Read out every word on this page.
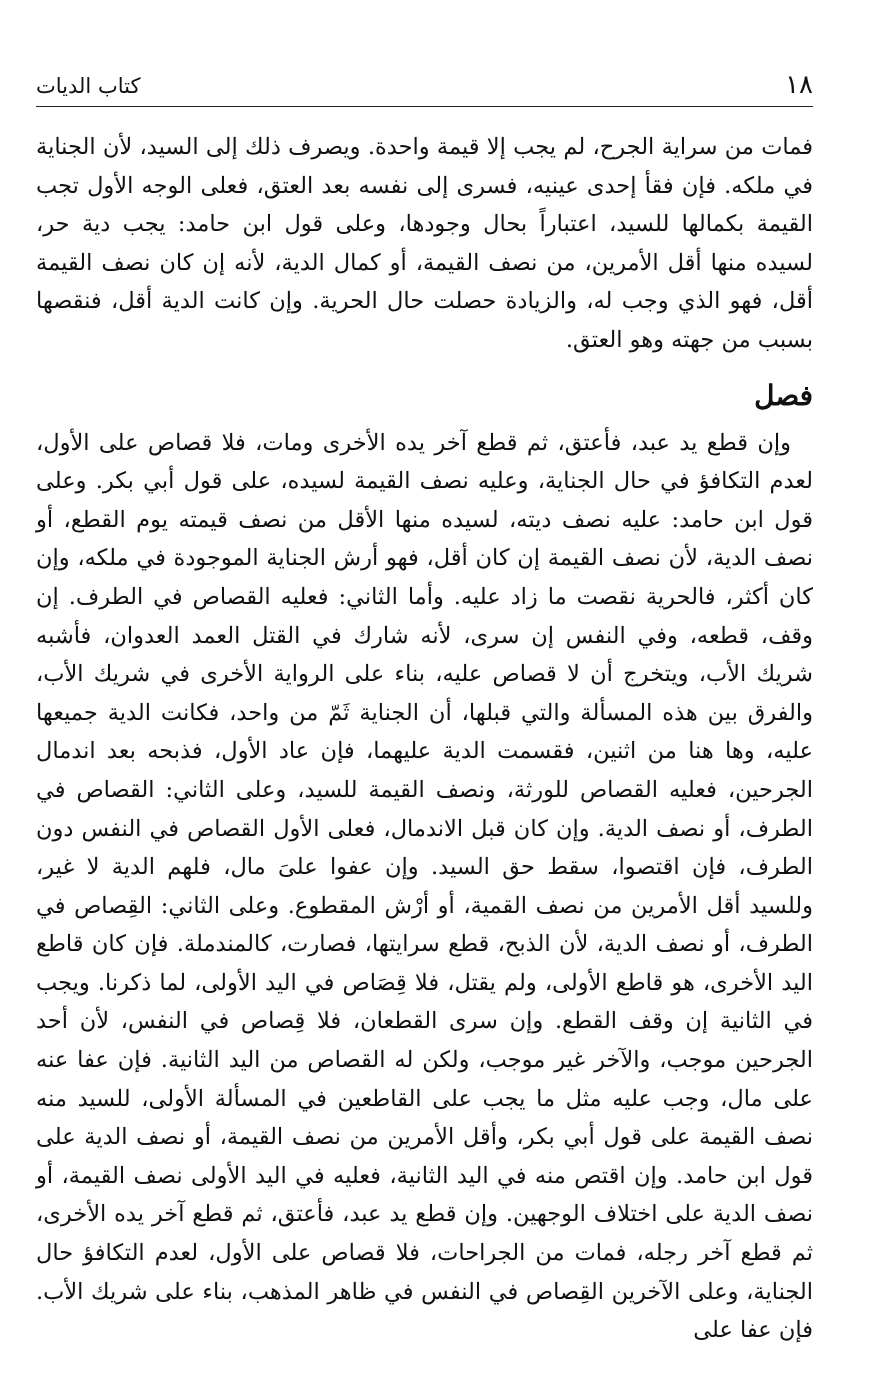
١٨
كتاب الديات

فمات من سراية الجرح، لم يجب إلا قيمة واحدة. ويصرف ذلك إلى السيد، لأن الجناية في ملكه. فإن فقأ إحدى عينيه، فسرى إلى نفسه بعد العتق، فعلى الوجه الأول تجب القيمة بكمالها للسيد، اعتباراً بحال وجودها، وعلى قول ابن حامد: يجب دية حر، لسيده منها أقل الأمرين، من نصف القيمة، أو كمال الدية، لأنه إن كان نصف القيمة أقل، فهو الذي وجب له، والزيادة حصلت حال الحرية. وإن كانت الدية أقل، فنقصها بسبب من جهته وهو العتق.

فصل

وإن قطع يد عبد، فأعتق، ثم قطع آخر يده الأخرى ومات، فلا قصاص على الأول، لعدم التكافؤ في حال الجناية، وعليه نصف القيمة لسيده، على قول أبي بكر. وعلى قول ابن حامد: عليه نصف ديته، لسيده منها الأقل من نصف قيمته يوم القطع، أو نصف الدية، لأن نصف القيمة إن كان أقل، فهو أرش الجناية الموجودة في ملكه، وإن كان أكثر، فالحرية نقصت ما زاد عليه. وأما الثاني: فعليه القصاص في الطرف. إن وقف، قطعه، وفي النفس إن سرى، لأنه شارك في القتل العمد العدوان، فأشبه شريك الأب، ويتخرج أن لا قصاص عليه، بناء على الرواية الأخرى في شريك الأب، والفرق بين هذه المسألة والتي قبلها، أن الجناية ثَمّ من واحد، فكانت الدية جميعها عليه، وها هنا من اثنين، فقسمت الدية عليهما، فإن عاد الأول، فذبحه بعد اندمال الجرحين، فعليه القصاص للورثة، ونصف القيمة للسيد، وعلى الثاني: القصاص في الطرف، أو نصف الدية. وإن كان قبل الاندمال، فعلى الأول القصاص في النفس دون الطرف، فإن اقتصوا، سقط حق السيد. وإن عفوا علىَ مال، فلهم الدية لا غير، وللسيد أقل الأمرين من نصف القمية، أو أرْش المقطوع. وعلى الثاني: القِصاص في الطرف، أو نصف الدية، لأن الذبح، قطع سرايتها، فصارت، كالمندملة. فإن كان قاطع اليد الأخرى، هو قاطع الأولى، ولم يقتل، فلا قِصَاص في اليد الأولى، لما ذكرنا. ويجب في الثانية إن وقف القطع. وإن سرى القطعان، فلا قِصاص في النفس، لأن أحد الجرحين موجب، والآخر غير موجب، ولكن له القصاص من اليد الثانية. فإن عفا عنه على مال، وجب عليه مثل ما يجب على القاطعين في المسألة الأولى، للسيد منه نصف القيمة على قول أبي بكر، وأقل الأمرين من نصف القيمة، أو نصف الدية على قول ابن حامد. وإن اقتص منه في اليد الثانية، فعليه في اليد الأولى نصف القيمة، أو نصف الدية على اختلاف الوجهين. وإن قطع يد عبد، فأعتق، ثم قطع آخر يده الأخرى، ثم قطع آخر رجله، فمات من الجراحات، فلا قصاص على الأول، لعدم التكافؤ حال الجناية، وعلى الآخرين القِصاص في النفس في ظاهر المذهب، بناء على شريك الأب. فإن عفا على
